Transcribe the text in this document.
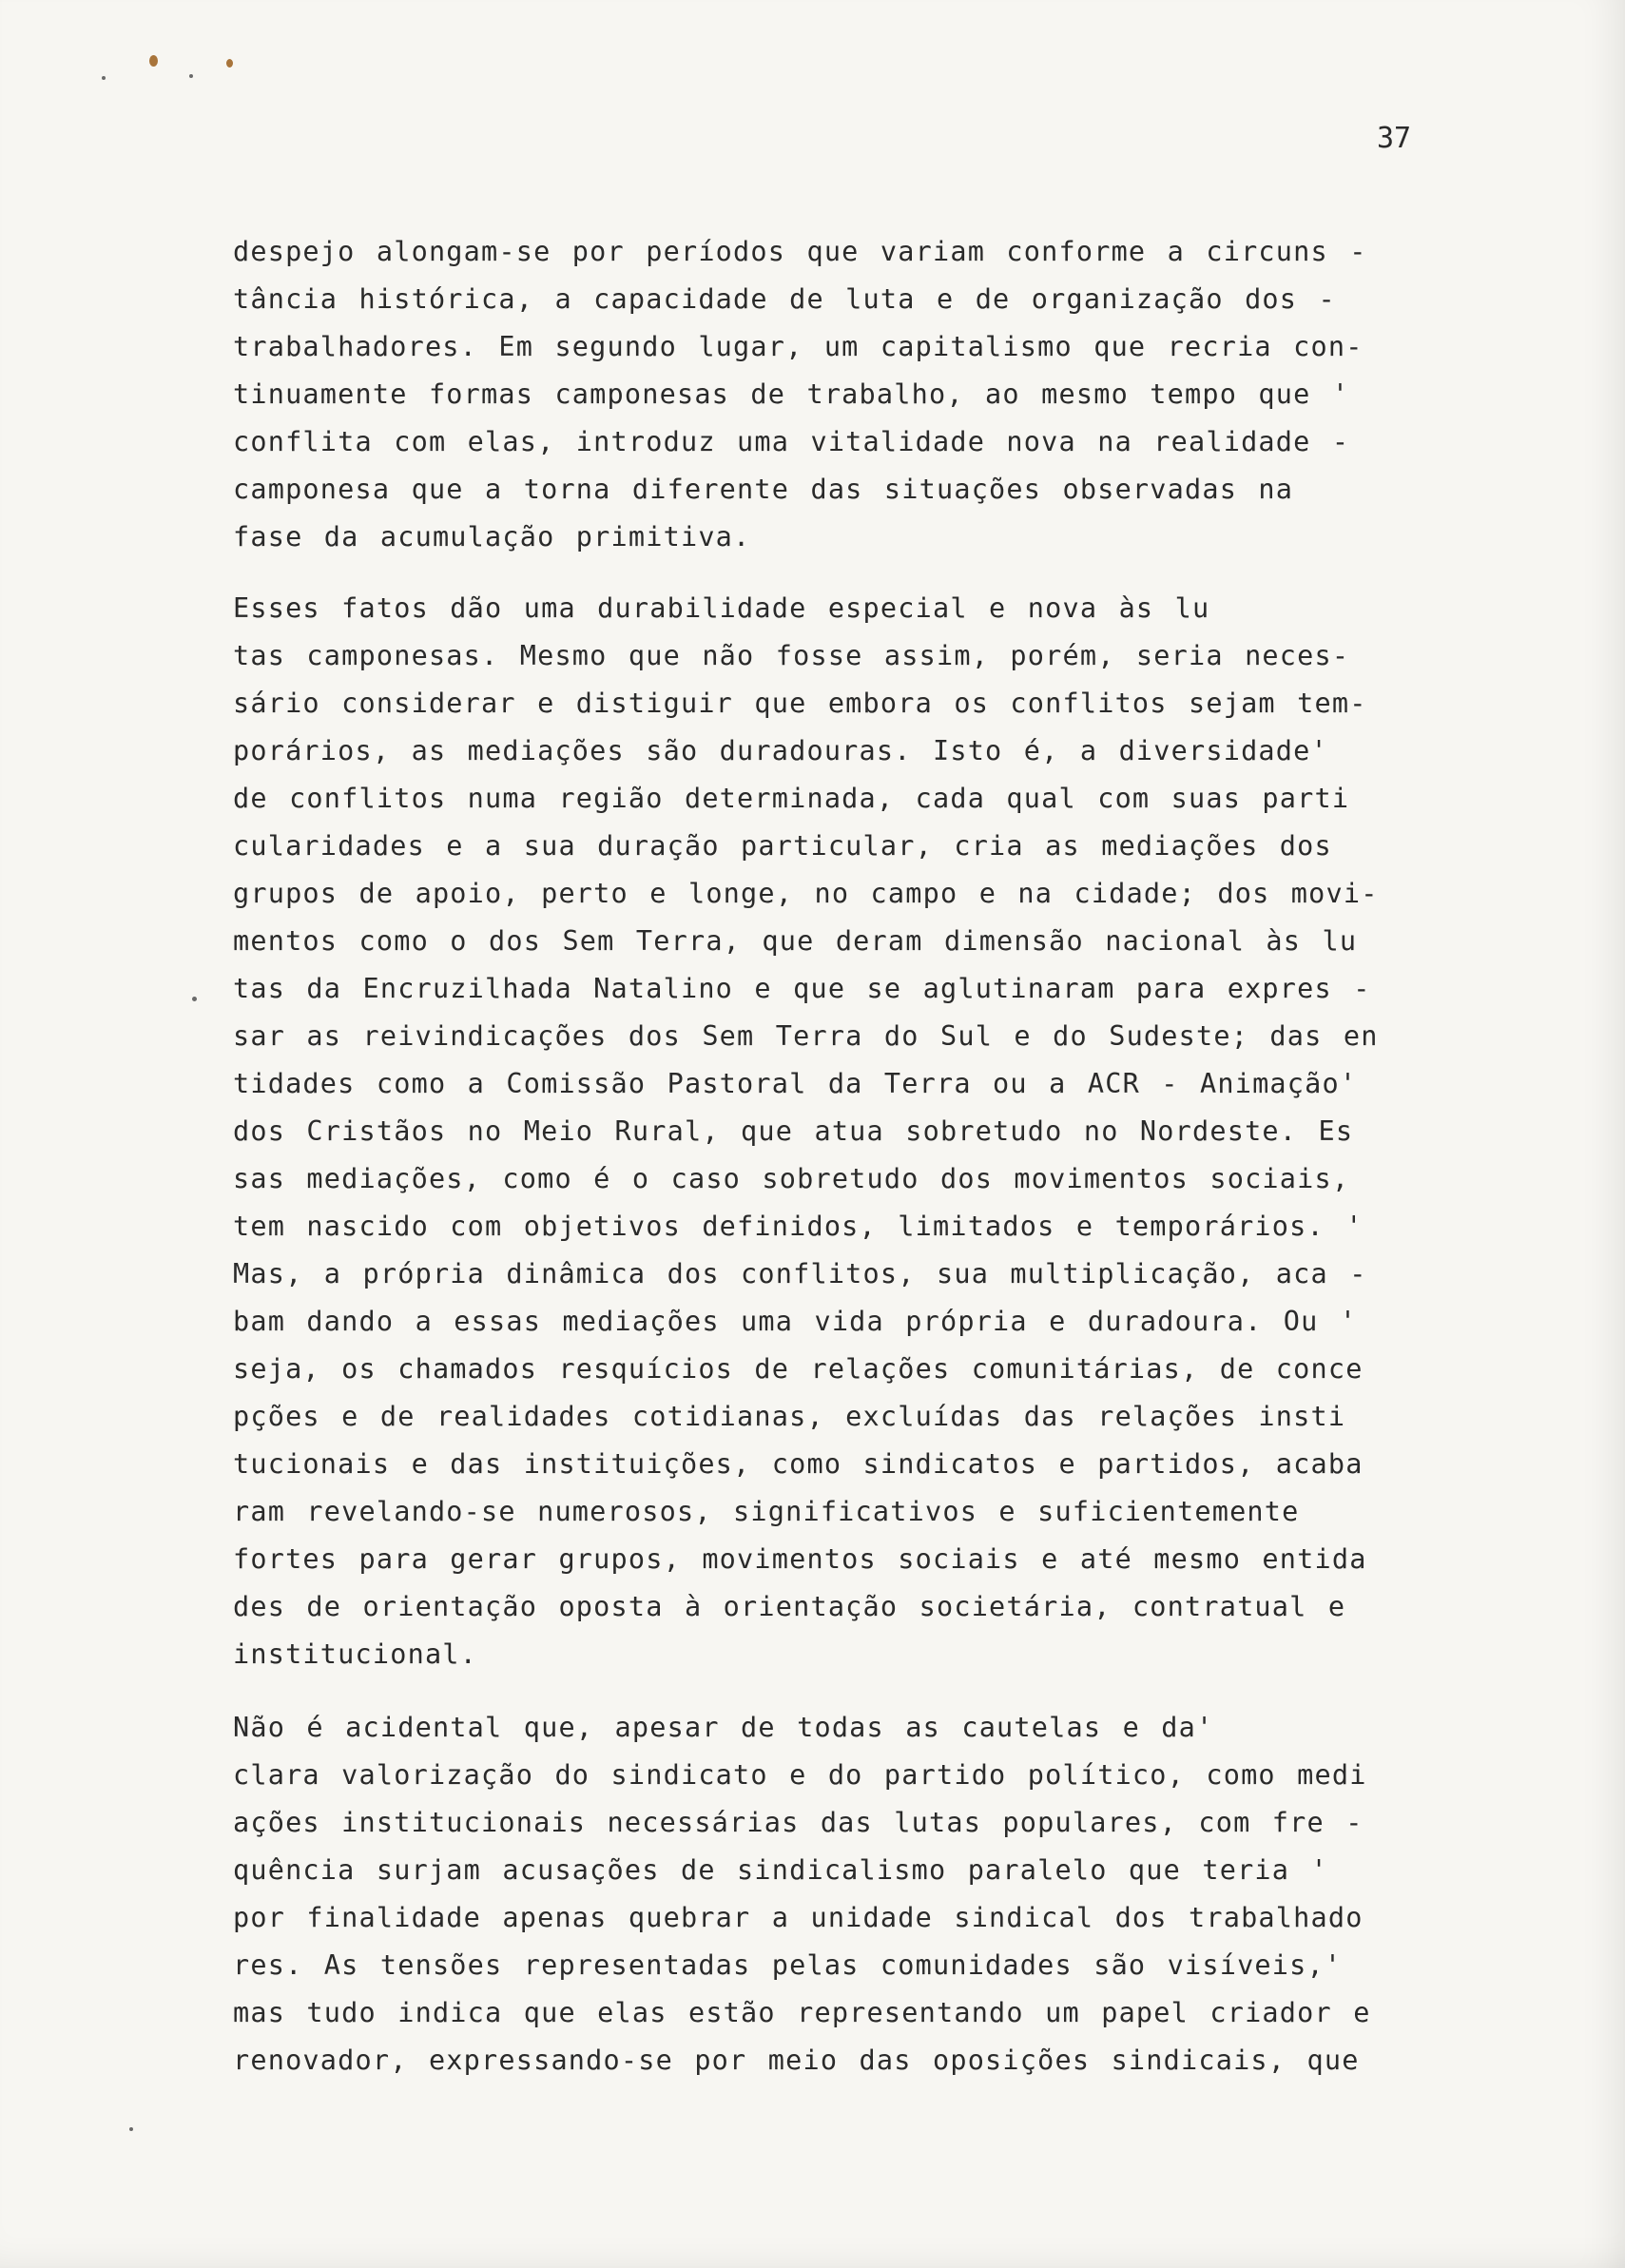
37
despejo alongam-se por períodos que variam conforme a circuns -
tância histórica, a capacidade de luta e de organização dos -
trabalhadores. Em segundo lugar, um capitalismo que recria con-
tinuamente formas camponesas de trabalho, ao mesmo tempo que '
conflita com elas, introduz uma vitalidade nova na realidade -
camponesa que a torna diferente das situações observadas na
fase da acumulação primitiva.
Esses fatos dão uma durabilidade especial e nova às lu
tas camponesas. Mesmo que não fosse assim, porém, seria neces-
sário considerar e distiguir que embora os conflitos sejam tem-
porários, as mediações são duradouras. Isto é, a diversidade'
de conflitos numa região determinada, cada qual com suas parti
cularidades e a sua duração particular, cria as mediações dos
grupos de apoio, perto e longe, no campo e na cidade; dos movi-
mentos como o dos Sem Terra, que deram dimensão nacional às lu
tas da Encruzilhada Natalino e que se aglutinaram para expres -
sar as reivindicações dos Sem Terra do Sul e do Sudeste; das en
tidades como a Comissão Pastoral da Terra ou a ACR - Animação'
dos Cristãos no Meio Rural, que atua sobretudo no Nordeste. Es
sas mediações, como é o caso sobretudo dos movimentos sociais,
tem nascido com objetivos definidos, limitados e temporários. '
Mas, a própria dinâmica dos conflitos, sua multiplicação, aca -
bam dando a essas mediações uma vida própria e duradoura. Ou '
seja, os chamados resquícios de relações comunitárias, de conce
pções e de realidades cotidianas, excluídas das relações insti
tucionais e das instituições, como sindicatos e partidos, acaba
ram revelando-se numerosos, significativos e suficientemente
fortes para gerar grupos, movimentos sociais e até mesmo entida
des de orientação oposta à orientação societária, contratual e
institucional.
Não é acidental que, apesar de todas as cautelas e da'
clara valorização do sindicato e do partido político, como medi
ações institucionais necessárias das lutas populares, com fre -
quência surjam acusações de sindicalismo paralelo que teria '
por finalidade apenas quebrar a unidade sindical dos trabalhado
res. As tensões representadas pelas comunidades são visíveis,'
mas tudo indica que elas estão representando um papel criador e
renovador, expressando-se por meio das oposições sindicais, que
